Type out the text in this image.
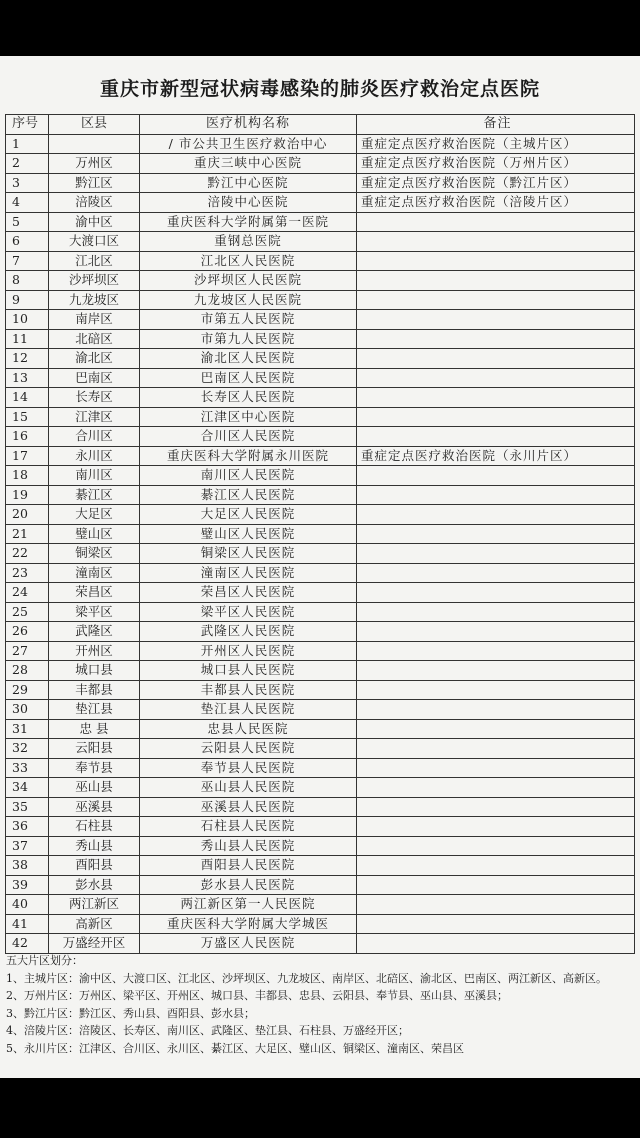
重庆市新型冠状病毒感染的肺炎医疗救治定点医院
序号	区县	医疗机构名称	备注
1		/ 市公共卫生医疗救治中心	重症定点医疗救治医院（主城片区）
2	万州区	重庆三峡中心医院	重症定点医疗救治医院（万州片区）
3	黔江区	黔江中心医院	重症定点医疗救治医院（黔江片区）
4	涪陵区	涪陵中心医院	重症定点医疗救治医院（涪陵片区）
5	渝中区	重庆医科大学附属第一医院	
6	大渡口区	重钢总医院	
7	江北区	江北区人民医院	
8	沙坪坝区	沙坪坝区人民医院	
9	九龙坡区	九龙坡区人民医院	
10	南岸区	市第五人民医院	
11	北碚区	市第九人民医院	
12	渝北区	渝北区人民医院	
13	巴南区	巴南区人民医院	
14	长寿区	长寿区人民医院	
15	江津区	江津区中心医院	
16	合川区	合川区人民医院	
17	永川区	重庆医科大学附属永川医院	重症定点医疗救治医院（永川片区）
18	南川区	南川区人民医院	
19	綦江区	綦江区人民医院	
20	大足区	大足区人民医院	
21	璧山区	璧山区人民医院	
22	铜梁区	铜梁区人民医院	
23	潼南区	潼南区人民医院	
24	荣昌区	荣昌区人民医院	
25	梁平区	梁平区人民医院	
26	武隆区	武隆区人民医院	
27	开州区	开州区人民医院	
28	城口县	城口县人民医院	
29	丰都县	丰都县人民医院	
30	垫江县	垫江县人民医院	
31	忠 县	忠县人民医院	
32	云阳县	云阳县人民医院	
33	奉节县	奉节县人民医院	
34	巫山县	巫山县人民医院	
35	巫溪县	巫溪县人民医院	
36	石柱县	石柱县人民医院	
37	秀山县	秀山县人民医院	
38	酉阳县	酉阳县人民医院	
39	彭水县	彭水县人民医院	
40	两江新区	两江新区第一人民医院	
41	高新区	重庆医科大学附属大学城医	
42	万盛经开区	万盛区人民医院	

五大片区划分：

1、主城片区：渝中区、大渡口区、江北区、沙坪坝区、九龙坡区、南岸区、北碚区、渝北区、巴南区、两江新区、高新区。

2、万州片区：万州区、梁平区、开州区、城口县、丰都县、忠县、云阳县、奉节县、巫山县、巫溪县；

3、黔江片区：黔江区、秀山县、酉阳县、彭水县；

4、涪陵片区：涪陵区、长寿区、南川区、武隆区、垫江县、石柱县、万盛经开区；

5、永川片区：江津区、合川区、永川区、綦江区、大足区、璧山区、铜梁区、潼南区、荣昌区
